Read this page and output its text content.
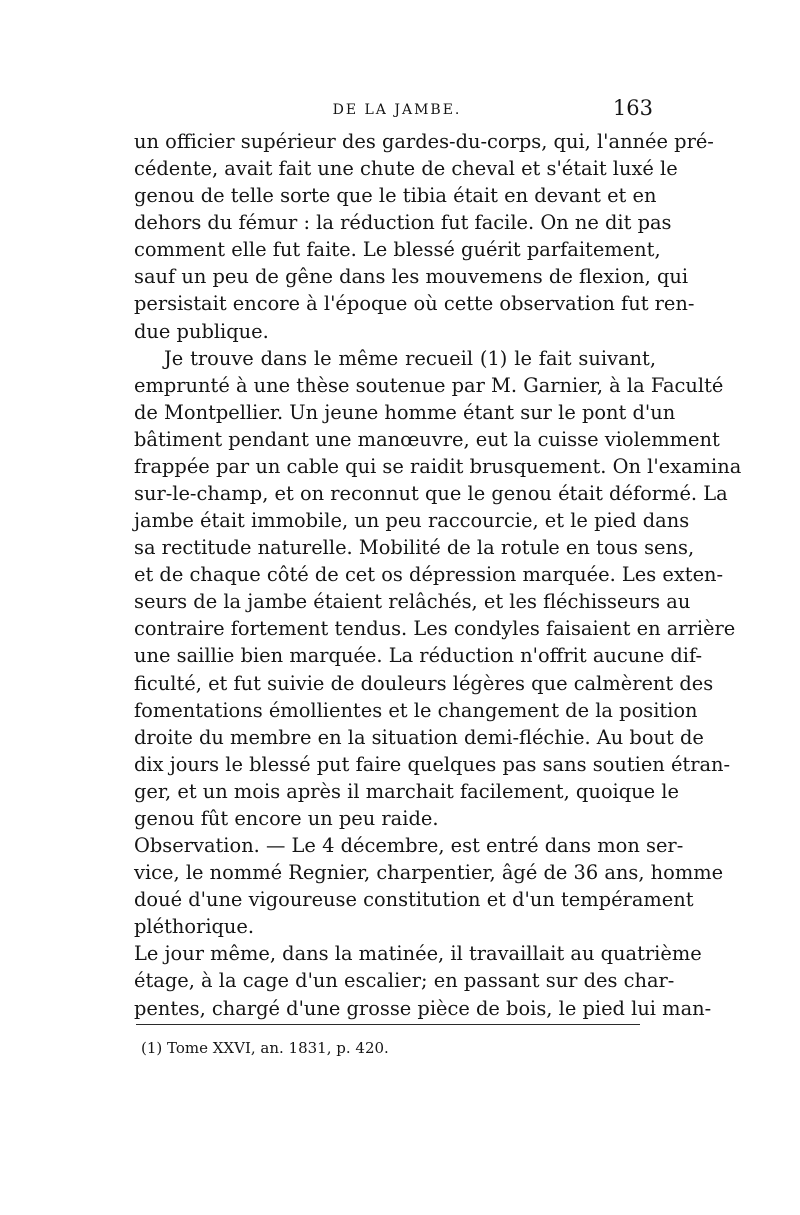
DE LA JAMBE.	163
un officier supérieur des gardes-du-corps, qui, l'année pré-
cédente, avait fait une chute de cheval et s'était luxé le
genou de telle sorte que le tibia était en devant et en
dehors du fémur : la réduction fut facile. On ne dit pas
comment elle fut faite. Le blessé guérit parfaitement,
sauf un peu de gêne dans les mouvemens de flexion, qui
persistait encore à l'époque où cette observation fut ren-
due publique.
Je trouve dans le même recueil (1) le fait suivant,
emprunté à une thèse soutenue par M. Garnier, à la Faculté
de Montpellier. Un jeune homme étant sur le pont d'un
bâtiment pendant une manœuvre, eut la cuisse violemment
frappée par un cable qui se raidit brusquement. On l'examina
sur-le-champ, et on reconnut que le genou était déformé. La
jambe était immobile, un peu raccourcie, et le pied dans
sa rectitude naturelle. Mobilité de la rotule en tous sens,
et de chaque côté de cet os dépression marquée. Les exten-
seurs de la jambe étaient relâchés, et les fléchisseurs au
contraire fortement tendus. Les condyles faisaient en arrière
une saillie bien marquée. La réduction n'offrit aucune dif-
ficulté, et fut suivie de douleurs légères que calmèrent des
fomentations émollientes et le changement de la position
droite du membre en la situation demi-fléchie. Au bout de
dix jours le blessé put faire quelques pas sans soutien étran-
ger, et un mois après il marchait facilement, quoique le
genou fût encore un peu raide.
Observation. — Le 4 décembre, est entré dans mon ser-
vice, le nommé Regnier, charpentier, âgé de 36 ans, homme
doué d'une vigoureuse constitution et d'un tempérament
pléthorique.
Le jour même, dans la matinée, il travaillait au quatrième
étage, à la cage d'un escalier; en passant sur des char-
pentes, chargé d'une grosse pièce de bois, le pied lui man-
(1) Tome XXVI, an. 1831, p. 420.
